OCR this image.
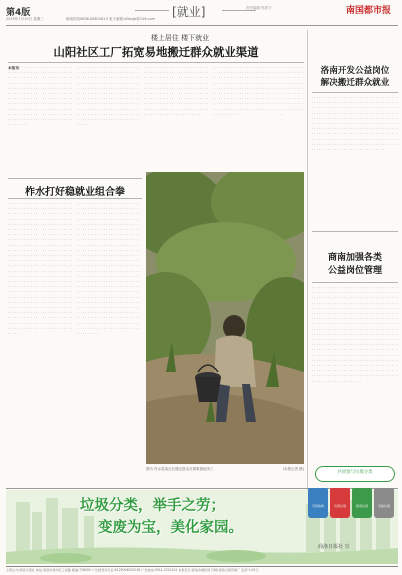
第4版
2019年7月10日 星期三	新闻热线0898-66810813 电子邮箱:dfrbsjb@126.com
责任编辑 郭世才	南国都市报
[就业]
楼上居住 楼下就业
山阳社区工厂拓宽易地搬迁群众就业渠道
本报讯· · · · · · · · · · · · · · · · · · · · · · · · · · · · · · · · · · · · · · · · · · · · · · · · · · · · · · · · · · · · · · · · · · · · · · · · · · · · · · · · · · · · · · · · · · · · · · · · · · · · · · · · · · · · · · · · · · · · · · · · · · · · · · · · · · · · · · · · · · · · · · · · · · · · · · · · · · · · · · · · · · · · · · · · · · · · · · · · · · · · · · · · · · · · · · · · · · · · · · · · · · · · · · · · · · · · · · · · · · · · · · · · · · · · · · · · · · · · · · · · · · · · · · · · · · · · · · · · · · · · · · · · · · · · · · · · · · · · · · · · · · · · · · · · · · · · · · · · · · · · · · · · · · · · · · · ·
· · · · · · · · · · · · · · · · · · · · · · · · · · · · · · · · · · · · · · · · · · · · · · · · · · · · · · · · · · · · · · · · · · · · · · · · · · · · · · · · · · · · · · · · · · · · · · · · · · · · · · · · · · · · · · · · · · · · · · · · · · · · · · · · · · · · · · · · · · · · · · · · · · · · · · · · · · · · · · · · · · · · · · · · · · · · · · · · · · · · · · · · · · · · · · · · · · · · · · · · · · · · · · · · · · · · · · · · · · · · · · · · · · · · · · · · · · · · · · · · · · · · · · · · · · · · · · · · · · · · · · · · · · · · · · · · · · · · · · · · · · · · · · · · · · · · · · · · · · · · · · · · · · · · · · · · · ·
· · · · · · · · · · · · · · · · · · · · · · · · · · · · · · · · · · · · · · · · · · · · · · · · · · · · · · · · · · · · · · · · · · · · · · · · · · · · · · · · · · · · · · · · · · · · · · · · · · · · · · · · · · · · · · · · · · · · · · · · · · · · · · · · · · · · · · · · · · · · · · · · · · · · · · · · · · · · · · · · · · · · · · · · · · · · · · · · · · · · · · · · · · · · · · · · · · · · · · · · · · · · · · · · · · · · · · · · · · · · · · · · · · · · · · · · · · · · · · · · · · · · · · · · · · · · · · · · · · · · · · · · · · · · · · · · · · · · ·
· · · · · · · · · · · · · · · · · · · · · · · · · · · · · · · · · · · · · · · · · · · · · · · · · · · · · · · · · · · · · · · · · · · · · · · · · · · · · · · · · · · · · · · · · · · · · · · · · · · · · · · · · · · · · · · · · · · · · · · · · · · · · · · · · · · · · · · · · · · · · · · · · · · · · · · · · · · · · · · · · · · · · · · · · · · · · · · · · · · · · · · · · · · · · · · · · · · · · · · · · · · · · · · · · · · · · · · · · · · · · · · · · · · · · · · · · · · · · · · · · · · · · · · · · · · · · · · · · · · · · · · ·
· · · · · · · · · · · · · · · · · · · · · · · · · · · · · · · · · · · · · · · · · · · · · · · · · · · · · · · · · · · · · · · · · · · · · · · · · · · · · · · · · · · · · · · · · · · · · · · · · · · · · ·
洛南开发公益岗位
解决搬迁群众就业
· · · · · · · · · · · · · · · · · · · · · · · · · · · · · · · · · · · · · · · · · · · · · · · · · · · · · · · · · · · · · · · · · · · · · · · · · · · · · · · · · · · · · · · · · · · · · · · · · · · · · · · · · · · · · · · · · · · · · · · · · · · · · · · · · · · · · · · · · · · · · · · · · · · · · · · · · · · · · · · · · · · · · · · · · · · · · · · · · · · · · · · · · · · · · · · · · · · · · · · · · · · · · · · · · · · · · · · · · · · · · · · · · · · · · · · · · · · · · · · · · · · · · · · · · · · · · · · · · · · · · · · · · · · · · · · · · · · · · · · · · · · · · · · · · · · · · · · · · · · · · · · · · · · · · · · · · · · · · · · · · · · · · · · · · · · · · · · · · · · · · · · · · · · · · · · · · · · · · · · · · · · · · · · · · · · · · · · · · · · · · · · · · · · · · · · · · · · · · · · · · · · · · · · · · · · ·
商南加强各类
公益岗位管理
· · · · · · · · · · · · · · · · · · · · · · · · · · · · · · · · · · · · · · · · · · · · · · · · · · · · · · · · · · · · · · · · · · · · · · · · · · · · · · · · · · · · · · · · · · · · · · · · · · · · · · · · · · · · · · · · · · · · · · · · · · · · · · · · · · · · · · · · · · · · · · · · · · · · · · · · · · · · · · · · · · · · · · · · · · · · · · · · · · · · · · · · · · · · · · · · · · · · · · · · · · · · · · · · · · · · · · · · · · · · · · · · · · · · · · · · · · · · · · · · · · · · · · · · · · · · · · · · · · · · · · · · · · · · · · · · · · · · · · · · · · · · · · · · · · · · · · · · · · · · · · · · · · · · · · · · · · · · · · · · · · · · · · · · · · · · · · · · · · · · · · · · · · · · · · · · · · · · · · · · · · · · · · · · · · · · · · · · · · · · · · · · · · · · · · · · · · · · · · · · · · · · · · · · · · · · · · · · · · · · · · · · · · · · · · · · · · · · · · · · · · · · · · · · · · · · · · · · · · · · · · · · · · · · · · · · · · · · · · · · · · · · · · · · · · · · · · · · · · · · · · · · · · · · · · · · · · · · · · · · · · · · · · · · · · · · · · · · · · · · · · · · · · · · · · · · · · · · · · · · · · · · · · · · · · · · · · · · · · · · · · · · · · · · · · · · · · · · · · · · · · · · · · · · · · · · · · · · · · · · · · · · · · · · · · · · · · · · · · · · · · · · · · · · · · · · · · · · · · · · · · · · · · · · · · · · · · · · · · · · · · · · · · · · · · · · · · · · · · · · · · · · · ·
柞水打好稳就业组合拳
· · · · · · · · · · · · · · · · · · · · · · · · · · · · · · · · · · · · · · · · · · · · · · · · · · · · · · · · · · · · · · · · · · · · · · · · · · · · · · · · · · · · · · · · · · · · · · · · · · · · · · · · · · · · · · · · · · · · · · · · · · · · · · · · · · · · · · · · · · · · · · · · · · · · · · · · · · · · · · · · · · · · · · · · · · · · · · · · · · · · · · · · · · · · · · · · · · · · · · · · · · · · · · · · · · · · · · · · · · · · · · · · · · · · · · · · · · · · · · · · · · · · · · · · · · · · · · · · · · · · · · · · · · · · · · · · · · · · · · · · · · · · · · · · · · · · · · · · · · · · · · · · · · · · · · · · · · · · · · · · · · · · · · · · · · · · · · · · · · · · · · · · · · · · · · · · · · · · · · · · · · · · · · · · · · · · · · · · · · · · · · · · · · · · · · · · · · · · · · · · · · · · · · · · · · · · · · · · · · · · · · · · · · · · · · · · · · · · · · · · · · · · · · · · · · · · · · · · · · · · · · · · · · · · · · · · · · · · · · · · · · · · · · · · · · · · · · · · · · · · · · · · · · · · · · · · · · · · · · · · · · · · · · · · · · · · · · · · · · · · · · · · · · · · · · · · · · · · · · · · · · · · · · · · · · · · · · · · · · · · · · · · · · · · · · · · · · · · · · · · · · · · · · · · · · · · · · · · · · · · · · · · · · · · · · · · · · · · · · · · · · · · · · · · · · · · · · · · · · · · · · · · · · · · · · · · · · · · · · · · · · · · · · · · · · · · · · · · · · · · · · · · ·
· · · · · · · · · · · · · · · · · · · · · · · · · · · · · · · · · · · · · · · · · · · · · · · · · · · · · · · · · · · · · · · · · · · · · · · · · · · · · · · · · · · · · · · · · · · · · · · · · · · · · · · · · · · · · · · · · · · · · · · · · · · · · · · · · · · · · · · · · · · · · · · · · · · · · · · · · · · · · · · · · · · · · · · · · · · · · · · · · · · · · · · · · · · · · · · · · · · · · · · · · · · · · · · · · · · · · · · · · · · · · · · · · · · · · · · · · · · · · · · · · · · · · · · · · · · · · · · · · · · · · · · · · · · · · · · · · · · · · · · · · · · · · · · · · · · · · · · · · · · · · · · · · · · · · · · · · · · · · · · · · · · · · · · · · · · · · · · · · · · · · · · · · · · · · · · · · · · · · · · · · · · · · · · · · · · · · · · · · · · · · · · · · · · · · · · · · · · · · · · · · · · · · · · · · · · · · · · · · · · · · · · · · · · · · · · · · · · · · · · · · · · · · · · · · · · · · · · · · · · · · · · · · · · · · · · · · · · · · · · · · · · · · · · · · · · · · · · · · · · · · · · · · · · · · · · · · · · · · · · · · · · · · · · · · · · · · · · · · · · · · · · · · · · · · · · · · · · · · · · · · · · · · · · · · · · · · · · · · · · · · · · · · · · · · · · · · · · · · · · · · · · · · · · · · · · · · · · · · · · · · · · · · · · · · · · · · · · · · · · · · · · · · · · · · · · · · · · · · · · · · · · · · · · · · · · · · · · · · · · · · · · · · · · · · · · · · · · · · · · · · · · · · · · · · ·
图为 柞水县某社区搬迁群众在林果基地务工	(本报记者 摄)
垃圾分类，举手之劳；
变废为宝，美化家园。
共同参与垃圾分类
可回收物	有害垃圾	厨余垃圾	其他垃圾
商洛日报社 宣
主管主办:商洛日报社 地址:商洛市商州区工农路 邮编:726000 广告经营许可证:6125004000016 广告热线:0914-2313101 本报发行:商洛市邮政局 印刷:商洛日报印刷厂 定价:1.00元
